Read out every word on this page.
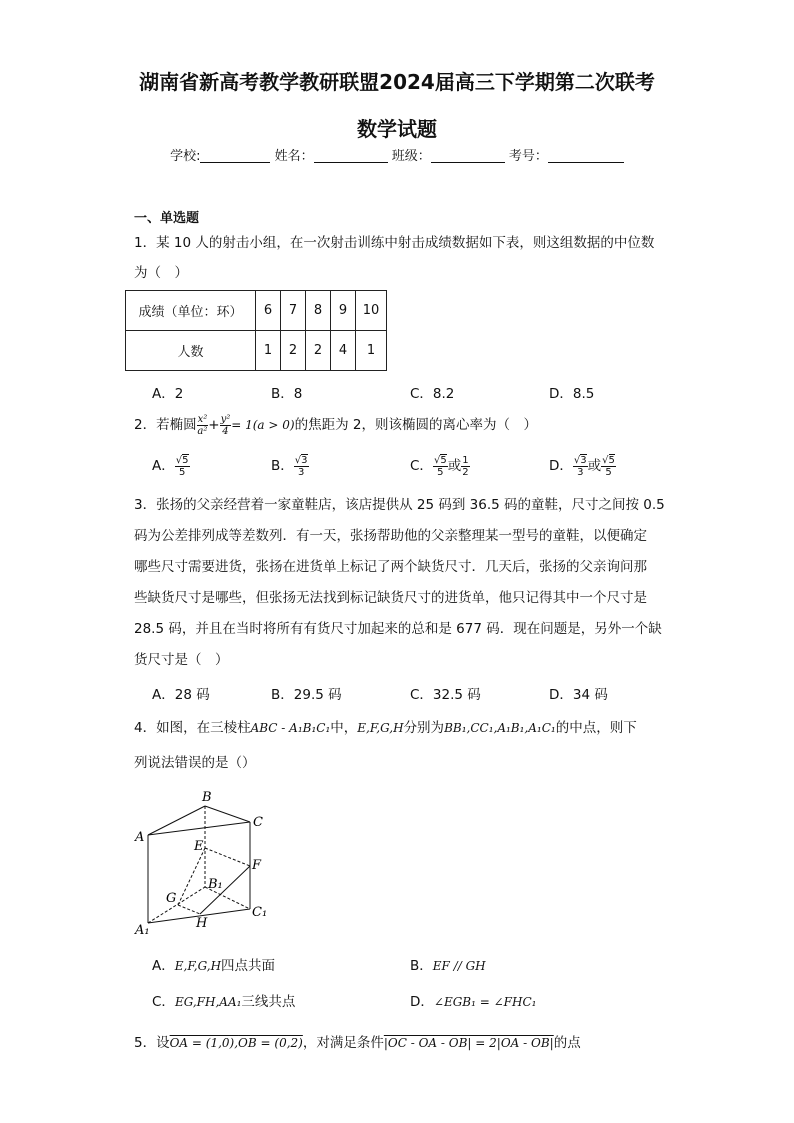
湖南省新高考教学教研联盟2024届高三下学期第二次联考
数学试题
学校:	姓名：	班级：	考号：
一、单选题
1．某 10 人的射击小组，在一次射击训练中射击成绩数据如下表，则这组数据的中位数
为（　）
成绩（单位：环）	6	7	8	9	10
人数	1	2	2	4	1
A．2	B．8	C．8.2	D．8.5
2．若椭圆 $\frac{\text{x²}}{\text{a²}} + \frac{\text{y²}}{4} = 1(a > 0)$的焦距为 2，则该椭圆的离心率为（　）
A． $\frac{√5}{5}$	B． $\frac{√3}{3}$	C． $\frac{√5}{5}$ 或 $\frac{1}{2}$	D． $\frac{√3}{3}$ 或 $\frac{√5}{5}$
3．张扬的父亲经营着一家童鞋店，该店提供从 25 码到 36.5 码的童鞋，尺寸之间按 0.5
码为公差排列成等差数列．有一天，张扬帮助他的父亲整理某一型号的童鞋，以便确定
哪些尺寸需要进货，张扬在进货单上标记了两个缺货尺寸．几天后，张扬的父亲询问那
些缺货尺寸是哪些，但张扬无法找到标记缺货尺寸的进货单，他只记得其中一个尺寸是
28.5 码，并且在当时将所有有货尺寸加起来的总和是 677 码．现在问题是，另外一个缺
货尺寸是（　）
A．28 码	B．29.5 码	C．32.5 码	D．34 码
4．如图，在三棱柱ABC - A₁B₁C₁中，E,F,G,H分别为BB₁,CC₁,A₁B₁,A₁C₁的中点，则下
列说法错误的是（）
B
C
A
E
F
B₁
G
H
C₁
A₁
A．E,F,G,H四点共面	B．EF // GH
C．EG,FH,AA₁三线共点	D．∠EGB₁ = ∠FHC₁
5．设OA = (1,0),OB = (0,2)，对满足条件|OC - OA - OB| = 2|OA - OB|的点
